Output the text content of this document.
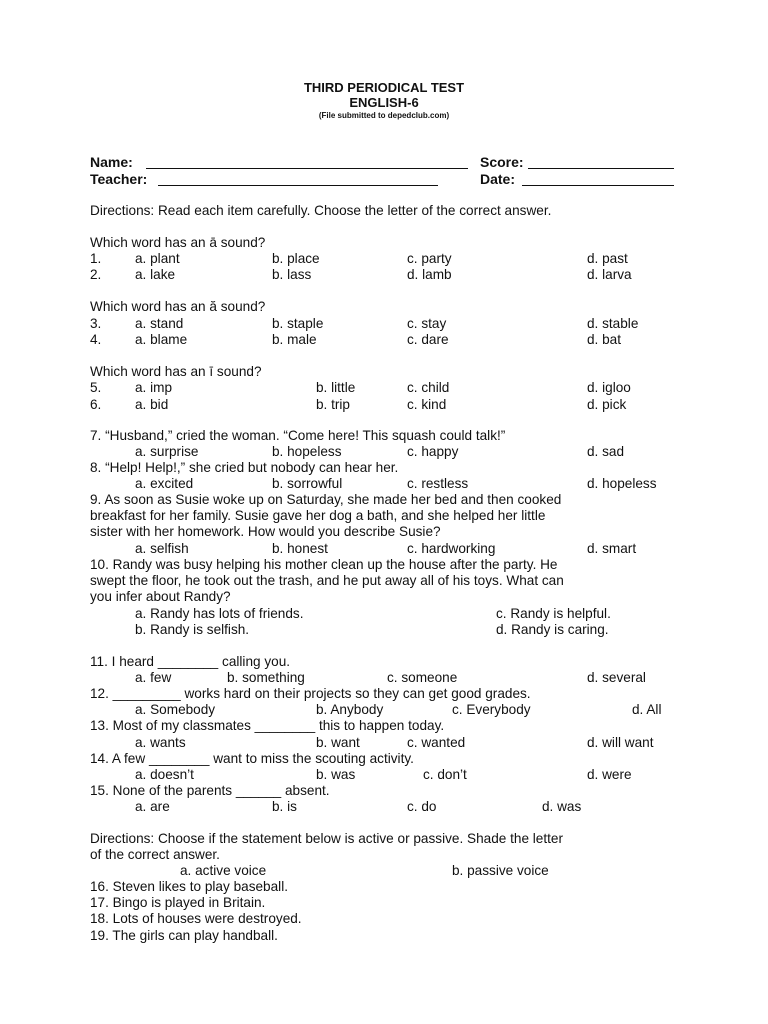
THIRD PERIODICAL TEST
ENGLISH-6
(File submitted to depedclub.com)
Name:	Score:
Teacher:	Date:
Directions: Read each item carefully. Choose the letter of the correct answer.
Which word has an ā sound?
1. a. plant	b. place	c. party	d. past
2. a. lake	b. lass	d. lamb	d. larva
Which word has an ă sound?
3. a. stand	b. staple	c. stay	d. stable
4. a. blame	b. male	c. dare	d. bat
Which word has an ī sound?
5. a. imp	b. little	c. child	d. igloo
6. a. bid	b. trip	c. kind	d. pick
7. “Husband,” cried the woman. “Come here! This squash could talk!”
a. surprise	b. hopeless	c. happy	d. sad
8. “Help! Help!,” she cried but nobody can hear her.
a. excited	b. sorrowful	c. restless	d. hopeless
9. As soon as Susie woke up on Saturday, she made her bed and then cooked
breakfast for her family. Susie gave her dog a bath, and she helped her little
sister with her homework. How would you describe Susie?
a. selfish	b. honest	c. hardworking	d. smart
10. Randy was busy helping his mother clean up the house after the party. He
swept the floor, he took out the trash, and he put away all of his toys. What can
you infer about Randy?
a. Randy has lots of friends.	c. Randy is helpful.
b. Randy is selfish.	d. Randy is caring.
11. I heard ________ calling you.
a. few	b. something	c. someone	d. several
12. _________ works hard on their projects so they can get good grades.
a. Somebody	b. Anybody	c. Everybody	d. All
13. Most of my classmates ________ this to happen today.
a. wants	b. want	c. wanted	d. will want
14. A few ________ want to miss the scouting activity.
a. doesn’t	b. was	c. don’t	d. were
15. None of the parents ______ absent.
a. are	b. is	c. do	d. was
Directions: Choose if the statement below is active or passive. Shade the letter
of the correct answer.
a. active voice	b. passive voice
16. Steven likes to play baseball.
17. Bingo is played in Britain.
18. Lots of houses were destroyed.
19. The girls can play handball.
